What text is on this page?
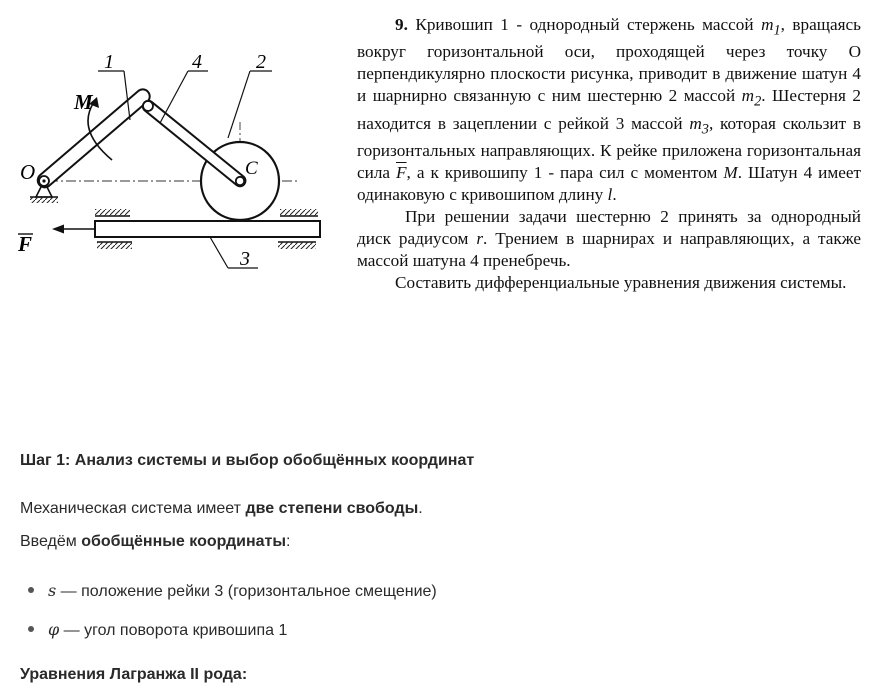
1	4	2
3
M
O	C
F

9. Кривошип 1 - однородный стержень массой $m_1$, вращаясь вокруг горизонтальной оси, проходящей через точку О перпендикулярно плоскости рисунка, приводит в движение шатун 4 и шарнирно связанную с ним шестерню 2 массой $m_2$. Шестерня 2 находится в зацеплении с рейкой 3 массой $m_3$, которая скользит в горизонтальных направляющих. К рейке приложена горизонтальная сила $\overline{F}$, а к кривошипу 1 - пара сил с моментом M. Шатун 4 имеет одинаковую с кривошипом длину l.

При решении задачи шестерню 2 принять за однородный диск радиусом r. Трением в шарнирах и направляющих, а также массой шатуна 4 пренебречь.

Составить дифференциальные уравнения движения системы.

Шаг 1: Анализ системы и выбор обобщённых координат

Механическая система имеет две степени свободы.

Введём обобщённые координаты:

s — положение рейки 3 (горизонтальное смещение)
φ — угол поворота кривошипа 1

Уравнения Лагранжа II рода:
